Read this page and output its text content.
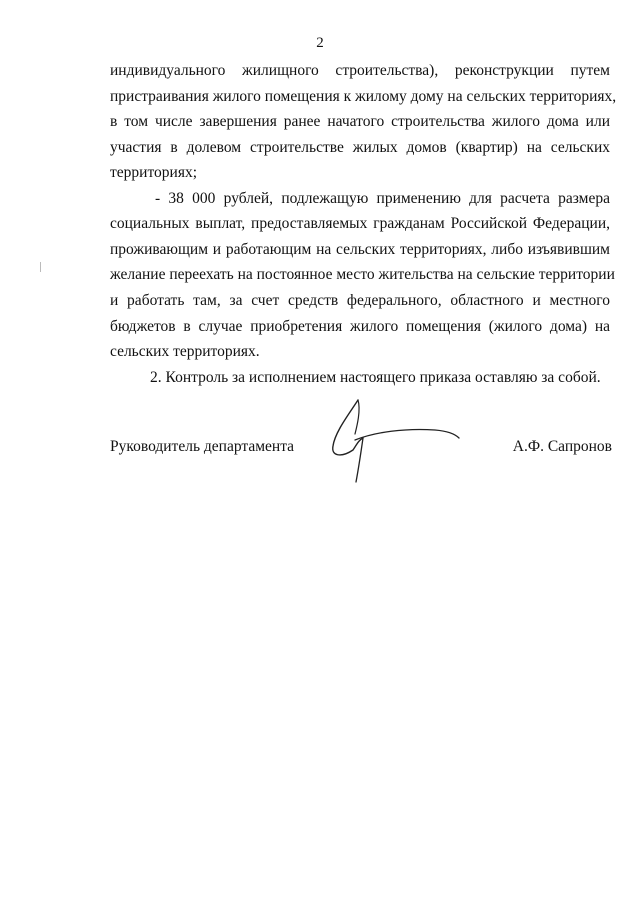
2
индивидуального жилищного строительства), реконструкции путем
пристраивания жилого помещения к жилому дому на сельских территориях,
в том числе завершения ранее начатого строительства жилого дома или
участия в долевом строительстве жилых домов (квартир) на сельских
территориях;
- 38 000 рублей, подлежащую применению для расчета размера
социальных выплат, предоставляемых гражданам Российской Федерации,
проживающим и работающим на сельских территориях, либо изъявившим
желание переехать на постоянное место жительства на сельские территории
и работать там, за счет средств федерального, областного и местного
бюджетов в случае приобретения жилого помещения (жилого дома) на
сельских территориях.
2. Контроль за исполнением настоящего приказа оставляю за собой.
Руководитель департамента	А.Ф. Сапронов
